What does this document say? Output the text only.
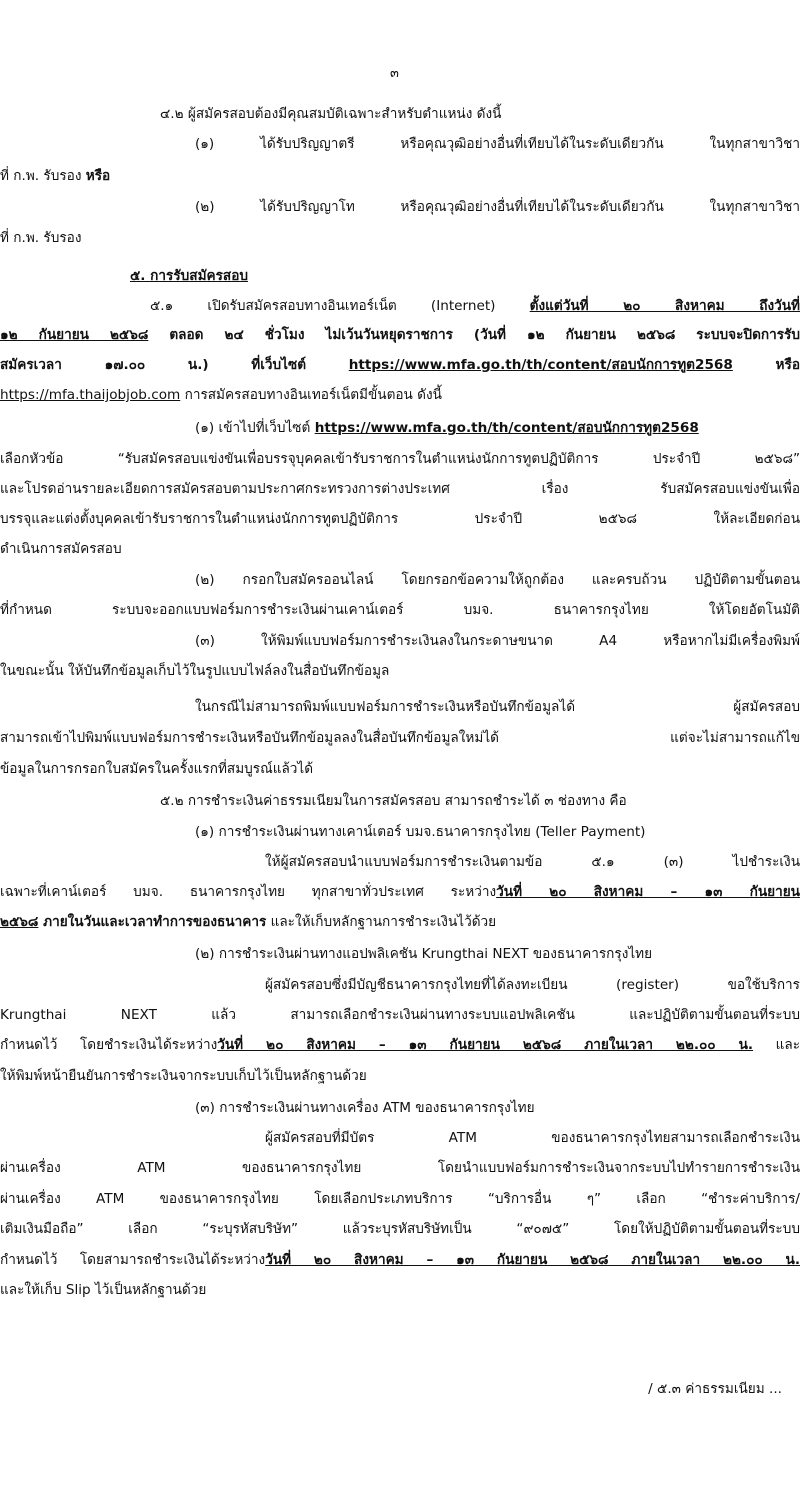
๓
๔.๒ ผู้สมัครสอบต้องมีคุณสมบัติเฉพาะสำหรับตำแหน่ง ดังนี้
(๑) ได้รับปริญญาตรี หรือคุณวุฒิอย่างอื่นที่เทียบได้ในระดับเดียวกัน ในทุกสาขาวิชา
ที่ ก.พ. รับรอง หรือ
(๒) ได้รับปริญญาโท หรือคุณวุฒิอย่างอื่นที่เทียบได้ในระดับเดียวกัน ในทุกสาขาวิชา
ที่ ก.พ. รับรอง
๕. การรับสมัครสอบ
๕.๑ เปิดรับสมัครสอบทางอินเทอร์เน็ต (Internet) ตั้งแต่วันที่ ๒๐ สิงหาคม ถึงวันที่
๑๒ กันยายน ๒๕๖๘ ตลอด ๒๔ ชั่วโมง ไม่เว้นวันหยุดราชการ (วันที่ ๑๒ กันยายน ๒๕๖๘ ระบบจะปิดการรับ
สมัครเวลา ๑๗.๐๐ น.) ที่เว็บไซต์ https://www.mfa.go.th/th/content/สอบนักการทูต2568 หรือ
https://mfa.thaijobjob.com การสมัครสอบทางอินเทอร์เน็ตมีขั้นตอน ดังนี้
(๑) เข้าไปที่เว็บไซต์ https://www.mfa.go.th/th/content/สอบนักการทูต2568
เลือกหัวข้อ “รับสมัครสอบแข่งขันเพื่อบรรจุบุคคลเข้ารับราชการในตำแหน่งนักการทูตปฏิบัติการ ประจำปี ๒๕๖๘”
และโปรดอ่านรายละเอียดการสมัครสอบตามประกาศกระทรวงการต่างประเทศ เรื่อง รับสมัครสอบแข่งขันเพื่อ
บรรจุและแต่งตั้งบุคคลเข้ารับราชการในตำแหน่งนักการทูตปฏิบัติการ ประจำปี ๒๕๖๘ ให้ละเอียดก่อน
ดำเนินการสมัครสอบ
(๒) กรอกใบสมัครออนไลน์ โดยกรอกข้อความให้ถูกต้อง และครบถ้วน ปฏิบัติตามขั้นตอน
ที่กำหนด ระบบจะออกแบบฟอร์มการชำระเงินผ่านเคาน์เตอร์ บมจ. ธนาคารกรุงไทย ให้โดยอัตโนมัติ
(๓) ให้พิมพ์แบบฟอร์มการชำระเงินลงในกระดาษขนาด A4 หรือหากไม่มีเครื่องพิมพ์
ในขณะนั้น ให้บันทึกข้อมูลเก็บไว้ในรูปแบบไฟล์ลงในสื่อบันทึกข้อมูล
ในกรณีไม่สามารถพิมพ์แบบฟอร์มการชำระเงินหรือบันทึกข้อมูลได้ ผู้สมัครสอบ
สามารถเข้าไปพิมพ์แบบฟอร์มการชำระเงินหรือบันทึกข้อมูลลงในสื่อบันทึกข้อมูลใหม่ได้ แต่จะไม่สามารถแก้ไข
ข้อมูลในการกรอกใบสมัครในครั้งแรกที่สมบูรณ์แล้วได้
๕.๒ การชำระเงินค่าธรรมเนียมในการสมัครสอบ สามารถชำระได้ ๓ ช่องทาง คือ
(๑) การชำระเงินผ่านทางเคาน์เตอร์ บมจ.ธนาคารกรุงไทย (Teller Payment)
ให้ผู้สมัครสอบนำแบบฟอร์มการชำระเงินตามข้อ ๕.๑ (๓) ไปชำระเงิน
เฉพาะที่เคาน์เตอร์ บมจ. ธนาคารกรุงไทย ทุกสาขาทั่วประเทศ ระหว่างวันที่ ๒๐ สิงหาคม – ๑๓ กันยายน
๒๕๖๘ ภายในวันและเวลาทำการของธนาคาร และให้เก็บหลักฐานการชำระเงินไว้ด้วย
(๒) การชำระเงินผ่านทางแอปพลิเคชัน Krungthai NEXT ของธนาคารกรุงไทย
ผู้สมัครสอบซึ่งมีบัญชีธนาคารกรุงไทยที่ได้ลงทะเบียน (register) ขอใช้บริการ
Krungthai NEXT แล้ว สามารถเลือกชำระเงินผ่านทางระบบแอปพลิเคชัน และปฏิบัติตามขั้นตอนที่ระบบ
กำหนดไว้ โดยชำระเงินได้ระหว่างวันที่ ๒๐ สิงหาคม – ๑๓ กันยายน ๒๕๖๘ ภายในเวลา ๒๒.๐๐ น. และ
ให้พิมพ์หน้ายืนยันการชำระเงินจากระบบเก็บไว้เป็นหลักฐานด้วย
(๓) การชำระเงินผ่านทางเครื่อง ATM ของธนาคารกรุงไทย
ผู้สมัครสอบที่มีบัตร ATM ของธนาคารกรุงไทยสามารถเลือกชำระเงิน
ผ่านเครื่อง ATM ของธนาคารกรุงไทย โดยนำแบบฟอร์มการชำระเงินจากระบบไปทำรายการชำระเงิน
ผ่านเครื่อง ATM ของธนาคารกรุงไทย โดยเลือกประเภทบริการ “บริการอื่น ๆ” เลือก “ชำระค่าบริการ/
เติมเงินมือถือ” เลือก “ระบุรหัสบริษัท” แล้วระบุรหัสบริษัทเป็น “๙๐๗๕” โดยให้ปฏิบัติตามขั้นตอนที่ระบบ
กำหนดไว้ โดยสามารถชำระเงินได้ระหว่างวันที่ ๒๐ สิงหาคม – ๑๓ กันยายน ๒๕๖๘ ภายในเวลา ๒๒.๐๐ น.
และให้เก็บ Slip ไว้เป็นหลักฐานด้วย
/ ๕.๓ ค่าธรรมเนียม ...
